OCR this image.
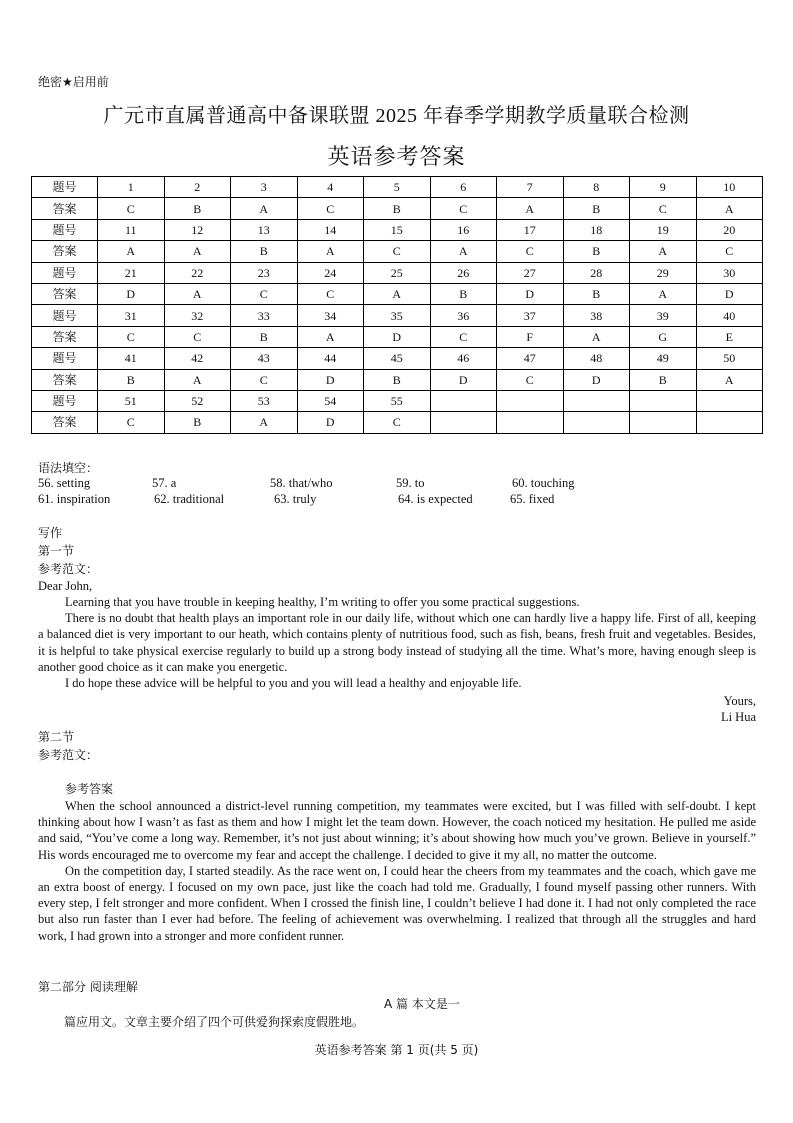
绝密★启用前
广元市直属普通高中备课联盟 2025 年春季学期教学质量联合检测
英语参考答案
题号	1	2	3	4	5	6	7	8	9	10
答案	C	B	A	C	B	C	A	B	C	A
题号	11	12	13	14	15	16	17	18	19	20
答案	A	A	B	A	C	A	C	B	A	C
题号	21	22	23	24	25	26	27	28	29	30
答案	D	A	C	C	A	B	D	B	A	D
题号	31	32	33	34	35	36	37	38	39	40
答案	C	C	B	A	D	C	F	A	G	E
题号	41	42	43	44	45	46	47	48	49	50
答案	B	A	C	D	B	D	C	D	B	A
题号	51	52	53	54	55					
答案	C	B	A	D	C					
语法填空：
56. setting	57. a	58. that/who	59. to	60. touching
61. inspiration	62. traditional	63. truly	64. is expected	65. fixed
写作
第一节
参考范文：
Dear John,

Learning that you have trouble in keeping healthy, I’m writing to offer you some practical suggestions.

There is no doubt that health plays an important role in our daily life, without which one can hardly live a happy life. First of all, keeping a balanced diet is very important to our heath, which contains plenty of nutritious food, such as fish, beans, fresh fruit and vegetables. Besides, it is helpful to take physical exercise regularly to build up a strong body instead of studying all the time. What’s more, having enough sleep is another good choice as it can make you energetic.

I do hope these advice will be helpful to you and you will lead a healthy and enjoyable life.

Yours,
Li Hua
第二节
参考范文：
参考答案

When the school announced a district-level running competition, my teammates were excited, but I was filled with self-doubt. I kept thinking about how I wasn’t as fast as them and how I might let the team down. However, the coach noticed my hesitation. He pulled me aside and said, “You’ve come a long way. Remember, it’s not just about winning; it’s about showing how much you’ve grown. Believe in yourself.” His words encouraged me to overcome my fear and accept the challenge. I decided to give it my all, no matter the outcome.

On the competition day, I started steadily. As the race went on, I could hear the cheers from my teammates and the coach, which gave me an extra boost of energy. I focused on my own pace, just like the coach had told me. Gradually, I found myself passing other runners. With every step, I felt stronger and more confident. When I crossed the finish line, I couldn’t believe I had done it. I had not only completed the race but also run faster than I ever had before. The feeling of achievement was overwhelming. I realized that through all the struggles and hard work, I had grown into a stronger and more confident runner.

第二部分 阅读理解
A 篇 本文是一
篇应用文。文章主要介绍了四个可供爱狗探索度假胜地。
英语参考答案 第 1 页(共 5 页)
